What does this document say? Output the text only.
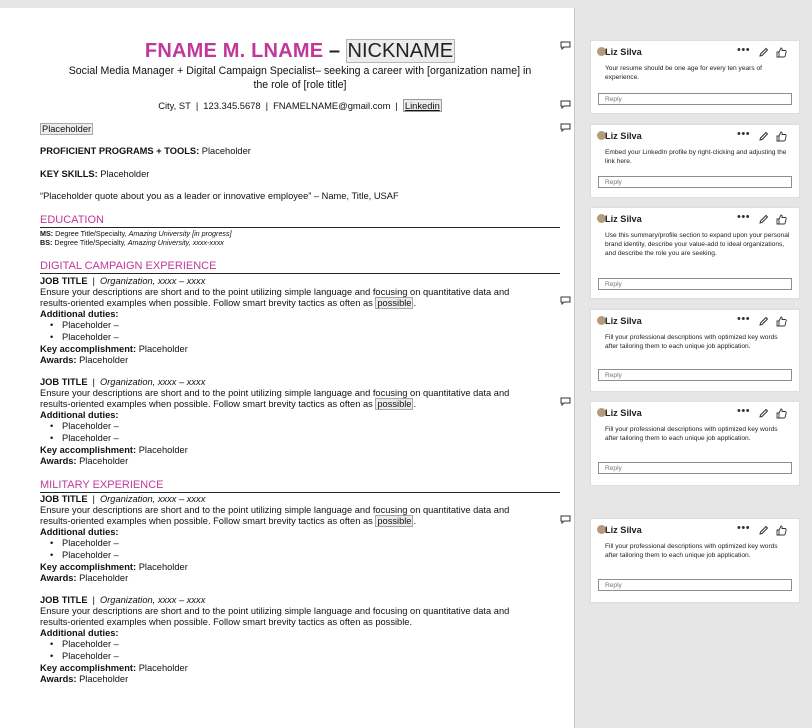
FNAME M. LNAME – NICKNAME
Social Media Manager + Digital Campaign Specialist– seeking a career with [organization name] in
the role of [role title]
City, ST | 123.345.5678 | FNAMELNAME@gmail.com | Linkedin
Placeholder
PROFICIENT PROGRAMS + TOOLS: Placeholder
KEY SKILLS: Placeholder
“Placeholder quote about you as a leader or innovative employee” – Name, Title, USAF
EDUCATION
MS: Degree Title/Specialty, Amazing University [in progress]
BS: Degree Title/Specialty, Amazing University, xxxx-xxxx
DIGITAL CAMPAIGN EXPERIENCE
JOB TITLE | Organization, xxxx – xxxx
Ensure your descriptions are short and to the point utilizing simple language and focusing on quantitative data and
results-oriented examples when possible. Follow smart brevity tactics as often as possible .
Additional duties:
• Placeholder –
• Placeholder –
Key accomplishment: Placeholder
Awards: Placeholder
JOB TITLE | Organization, xxxx – xxxx
Ensure your descriptions are short and to the point utilizing simple language and focusing on quantitative data and
results-oriented examples when possible. Follow smart brevity tactics as often as possible .
Additional duties:
• Placeholder –
• Placeholder –
Key accomplishment: Placeholder
Awards: Placeholder
MILITARY EXPERIENCE
JOB TITLE | Organization, xxxx – xxxx
Ensure your descriptions are short and to the point utilizing simple language and focusing on quantitative data and
results-oriented examples when possible. Follow smart brevity tactics as often as possible .
Additional duties:
• Placeholder –
• Placeholder –
Key accomplishment: Placeholder
Awards: Placeholder
JOB TITLE | Organization, xxxx – xxxx
Ensure your descriptions are short and to the point utilizing simple language and focusing on quantitative data and
results-oriented examples when possible. Follow smart brevity tactics as often as possible.
Additional duties:
• Placeholder –
• Placeholder –
Key accomplishment: Placeholder
Awards: Placeholder
Liz Silva	•••
Your resume should be one age for every ten years of experience.
Reply
Liz Silva	•••
Embed your LinkedIn profile by right-clicking and adjusting the link here.
Reply
Liz Silva	•••
Use this summary/profile section to expand upon your personal brand identity, describe your value-add to ideal organizations, and describe the role you are seeking.
Reply
Liz Silva	•••
Fill your professional descriptions with optimized key words after tailoring them to each unique job application.
Reply
Liz Silva	•••
Fill your professional descriptions with optimized key words after tailoring them to each unique job application.
Reply
Liz Silva	•••
Fill your professional descriptions with optimized key words after tailoring them to each unique job application.
Reply
